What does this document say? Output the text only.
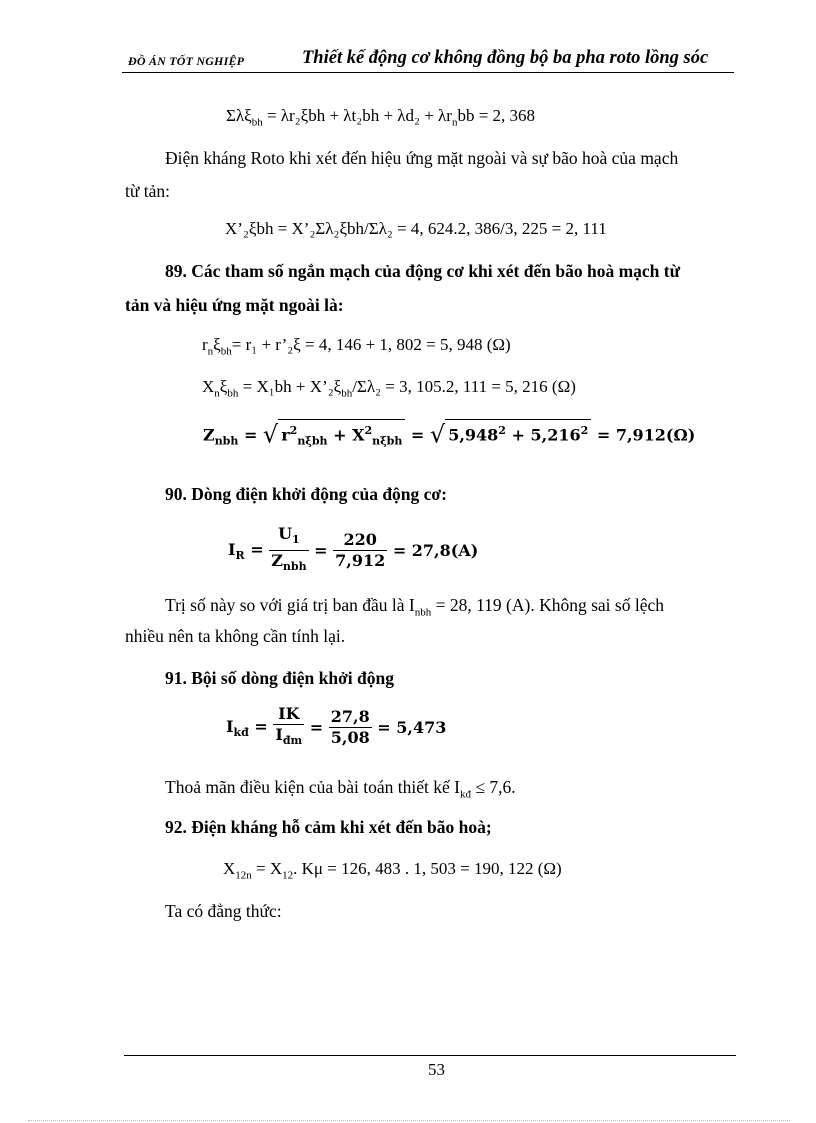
ĐỒ ÁN TỐT NGHIỆP	Thiết kế động cơ không đồng bộ ba pha roto lồng sóc
$\Sigma\lambda\xi_{bh} = \lambda r_2\xi bh + \lambda t_2bh + \lambda d_2 + \lambda r_nbb = 2$, 368
Điện kháng Roto khi xét đến hiệu ứng mặt ngoài và sự bão hoà của mạch
từ tản:
X’₂ξbh = X’₂Σλ₂ξbh/Σλ₂ = 4, 624.2, 386/3, 225 = 2, 111
89. Các tham số ngắn mạch của động cơ khi xét đến bão hoà mạch từ
tản và hiệu ứng mặt ngoài là:
$r_n\xi_{bh}= r_1$ + r’₂ξ = 4, 146 + 1, 802 = 5, 948 (Ω)
$X_n\xi_{bh} = X_1bh$ + $X’_2\xi_{bh}$/Σλ₂ = 3, 105.2, 111 = 5, 216 (Ω)
$Z_{nbh}$ = √ $r^2_{n\xi bh} + X^2_{n\xi bh}$ = √ $5,948^2 + 5,216^2 = 7,912(\Omega)$
90. Dòng điện khởi động của động cơ:
$I_R = \frac{U_1}{Z_{nbh}} = \frac{220}{7,912} = 27,8(A)$
Trị số này so với giá trị ban đầu là $I_{nbh} = 28$, 119 (A). Không sai số lệch
nhiều nên ta không cần tính lại.
91. Bội số dòng điện khởi động
$I_{kđ} = \frac{IK}{I_{đm}} = \frac{27,8}{5,08} = 5,473$
Thoả mãn điều kiện của bài toán thiết kế $I_{kđ} \le 7,6$.
92. Điện kháng hỗ cảm khi xét đến bão hoà;
$X_{12n} = X_{12}$. Kμ = 126, 483 . 1, 503 = 190, 122 (Ω)
Ta có đẳng thức:
53
